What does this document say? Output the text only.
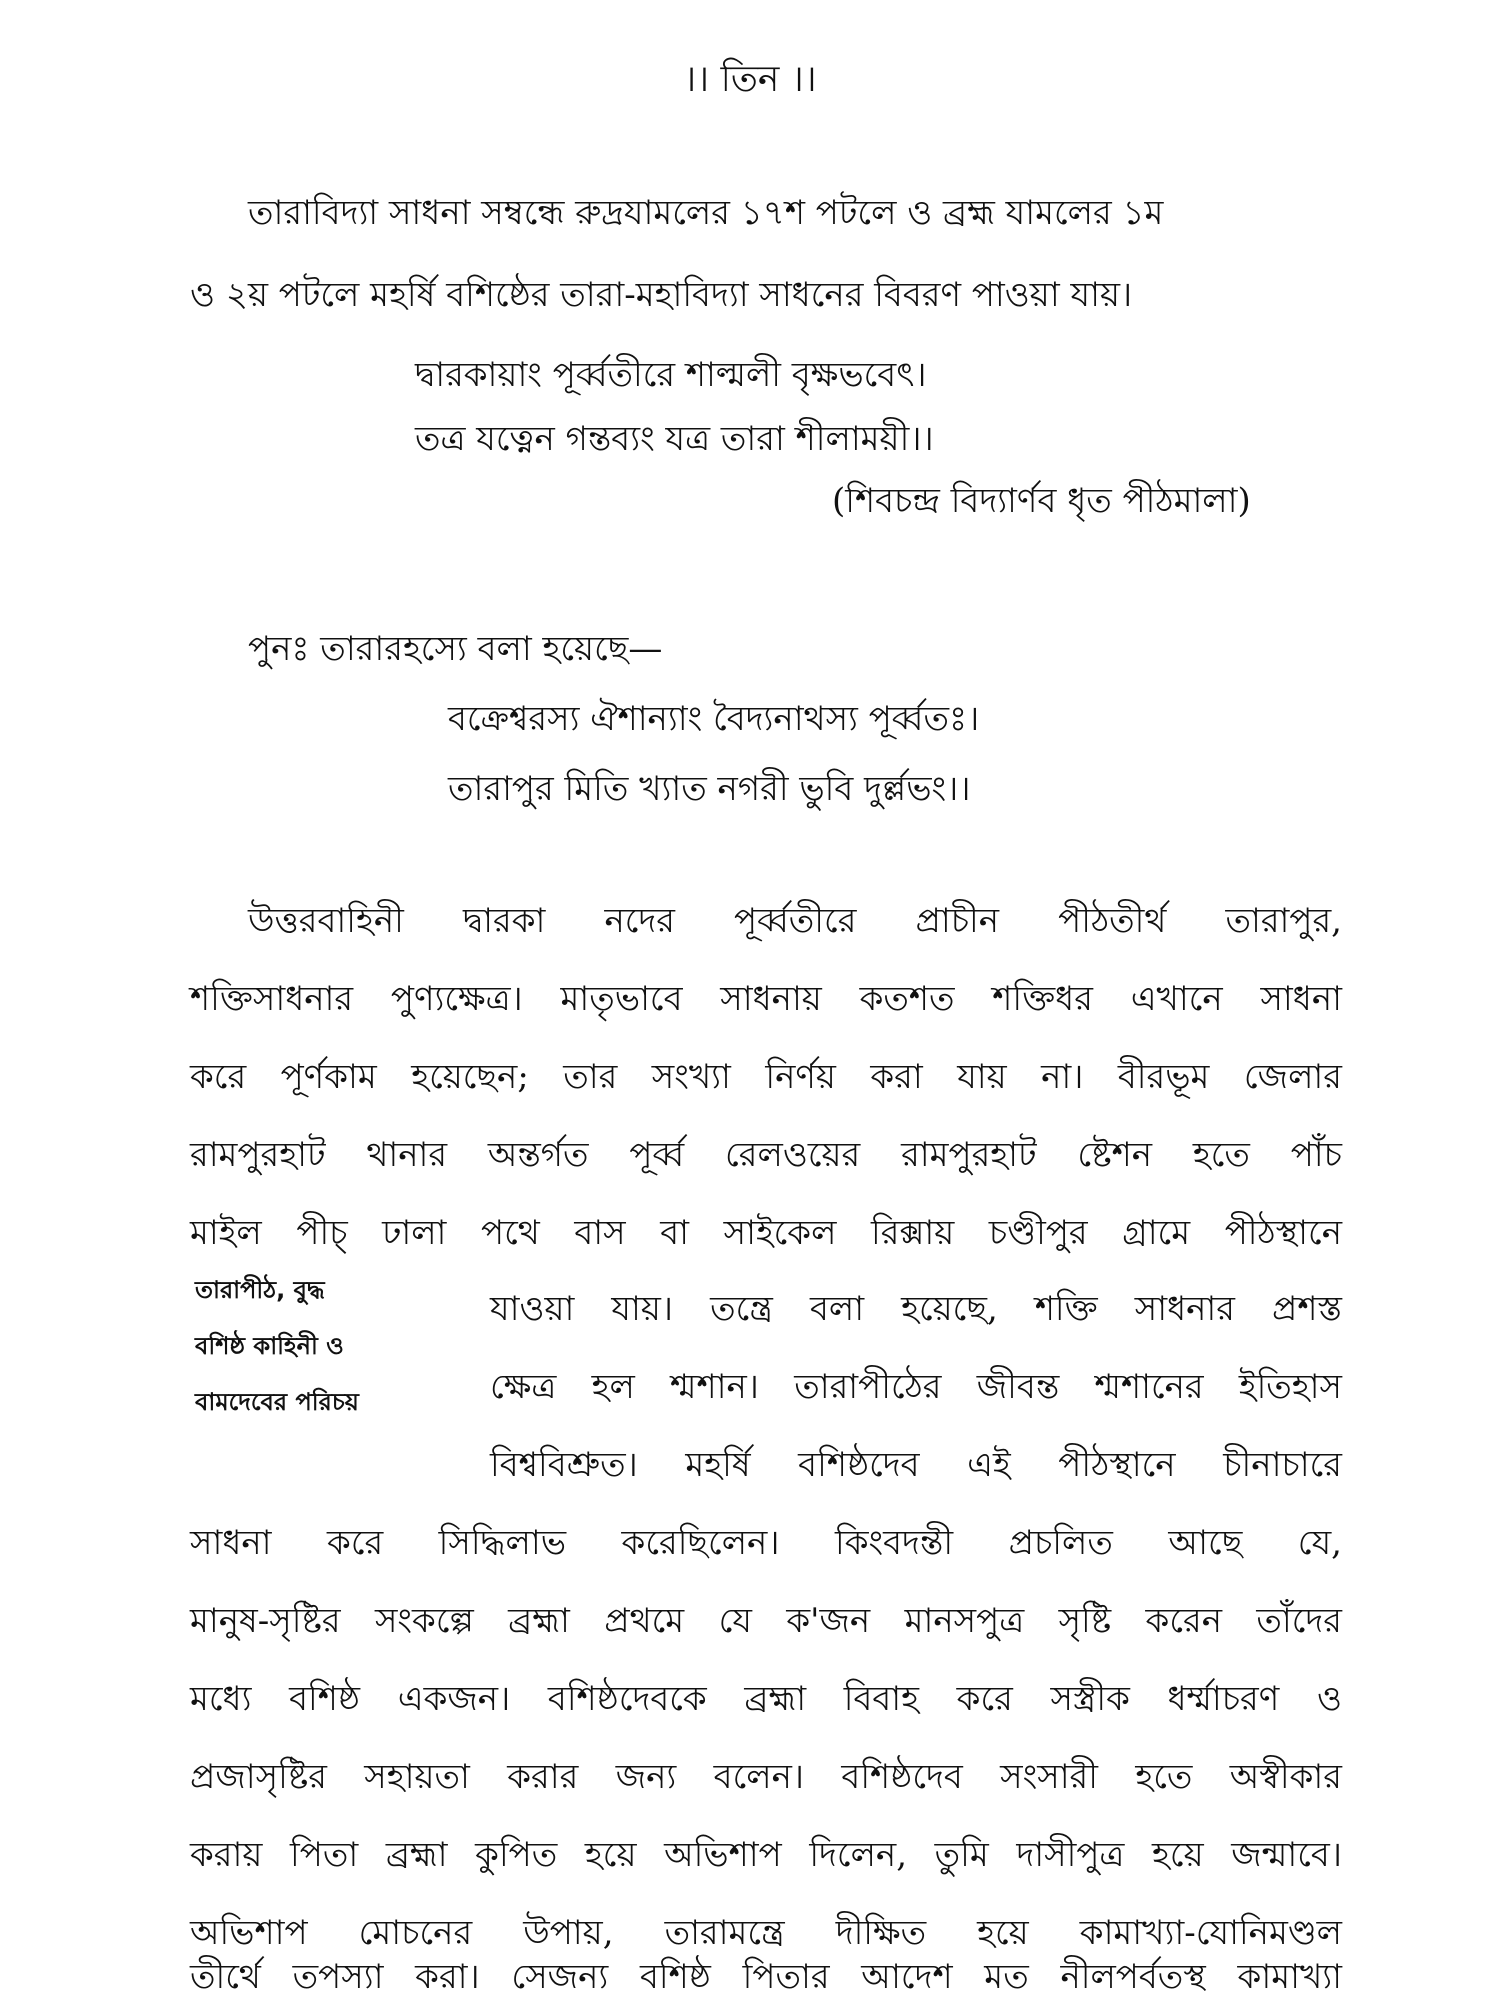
।। তিন ।।

তারাবিদ্যা সাধনা সম্বন্ধে রুদ্রযামলের ১৭শ পটলে ও ব্রহ্ম যামলের ১ম

ও ২য় পটলে মহর্ষি বশিষ্ঠের তারা-মহাবিদ্যা সাধনের বিবরণ পাওয়া যায়।

দ্বারকায়াং পূর্ব্বতীরে শাল্মলী বৃক্ষভবেৎ।

তত্র যত্নেন গন্তব্যং যত্র তারা শীলাময়ী।।

(শিবচন্দ্র বিদ্যার্ণব ধৃত পীঠমালা)

পুনঃ তারারহস্যে বলা হয়েছে—

বক্রেশ্বরস্য ঐশান্যাং বৈদ্যনাথস্য পূর্ব্বতঃ।

তারাপুর মিতি খ্যাত নগরী ভুবি দুর্ল্লভং।।

উত্তরবাহিনী দ্বারকা নদের পূর্ব্বতীরে প্রাচীন পীঠতীর্থ তারাপুর,

শক্তিসাধনার পুণ্যক্ষেত্র। মাতৃভাবে সাধনায় কতশত শক্তিধর এখানে সাধনা

করে পূর্ণকাম হয়েছেন; তার সংখ্যা নির্ণয় করা যায় না। বীরভূম জেলার

রামপুরহাট থানার অন্তর্গত পূর্ব্ব রেলওয়ের রামপুরহাট ষ্টেশন হতে পাঁচ

মাইল পীচ্‌ ঢালা পথে বাস বা সাইকেল রিক্সায় চণ্ডীপুর গ্রামে পীঠস্থানে

তারাপীঠ, বুদ্ধ
বশিষ্ঠ কাহিনী ও
বামদেবের পরিচয়

যাওয়া যায়। তন্ত্রে বলা হয়েছে, শক্তি সাধনার প্রশস্ত

ক্ষেত্র হল শ্মশান। তারাপীঠের জীবন্ত শ্মশানের ইতিহাস

বিশ্ববিশ্রুত। মহর্ষি বশিষ্ঠদেব এই পীঠস্থানে চীনাচারে

সাধনা করে সিদ্ধিলাভ করেছিলেন। কিংবদন্তী প্রচলিত আছে যে,

মানুষ-সৃষ্টির সংকল্পে ব্রহ্মা প্রথমে যে ক'জন মানসপুত্র সৃষ্টি করেন তাঁদের

মধ্যে বশিষ্ঠ একজন। বশিষ্ঠদেবকে ব্রহ্মা বিবাহ করে সস্ত্রীক ধর্ম্মাচরণ ও

প্রজাসৃষ্টির সহায়তা করার জন্য বলেন। বশিষ্ঠদেব সংসারী হতে অস্বীকার

করায় পিতা ব্রহ্মা কুপিত হয়ে অভিশাপ দিলেন, তুমি দাসীপুত্র হয়ে জন্মাবে।

অভিশাপ মোচনের উপায়, তারামন্ত্রে দীক্ষিত হয়ে কামাখ্যা-যোনিমণ্ডল

তীর্থে তপস্যা করা। সেজন্য বশিষ্ঠ পিতার আদেশ মত নীলপর্বতস্থ কামাখ্যা
